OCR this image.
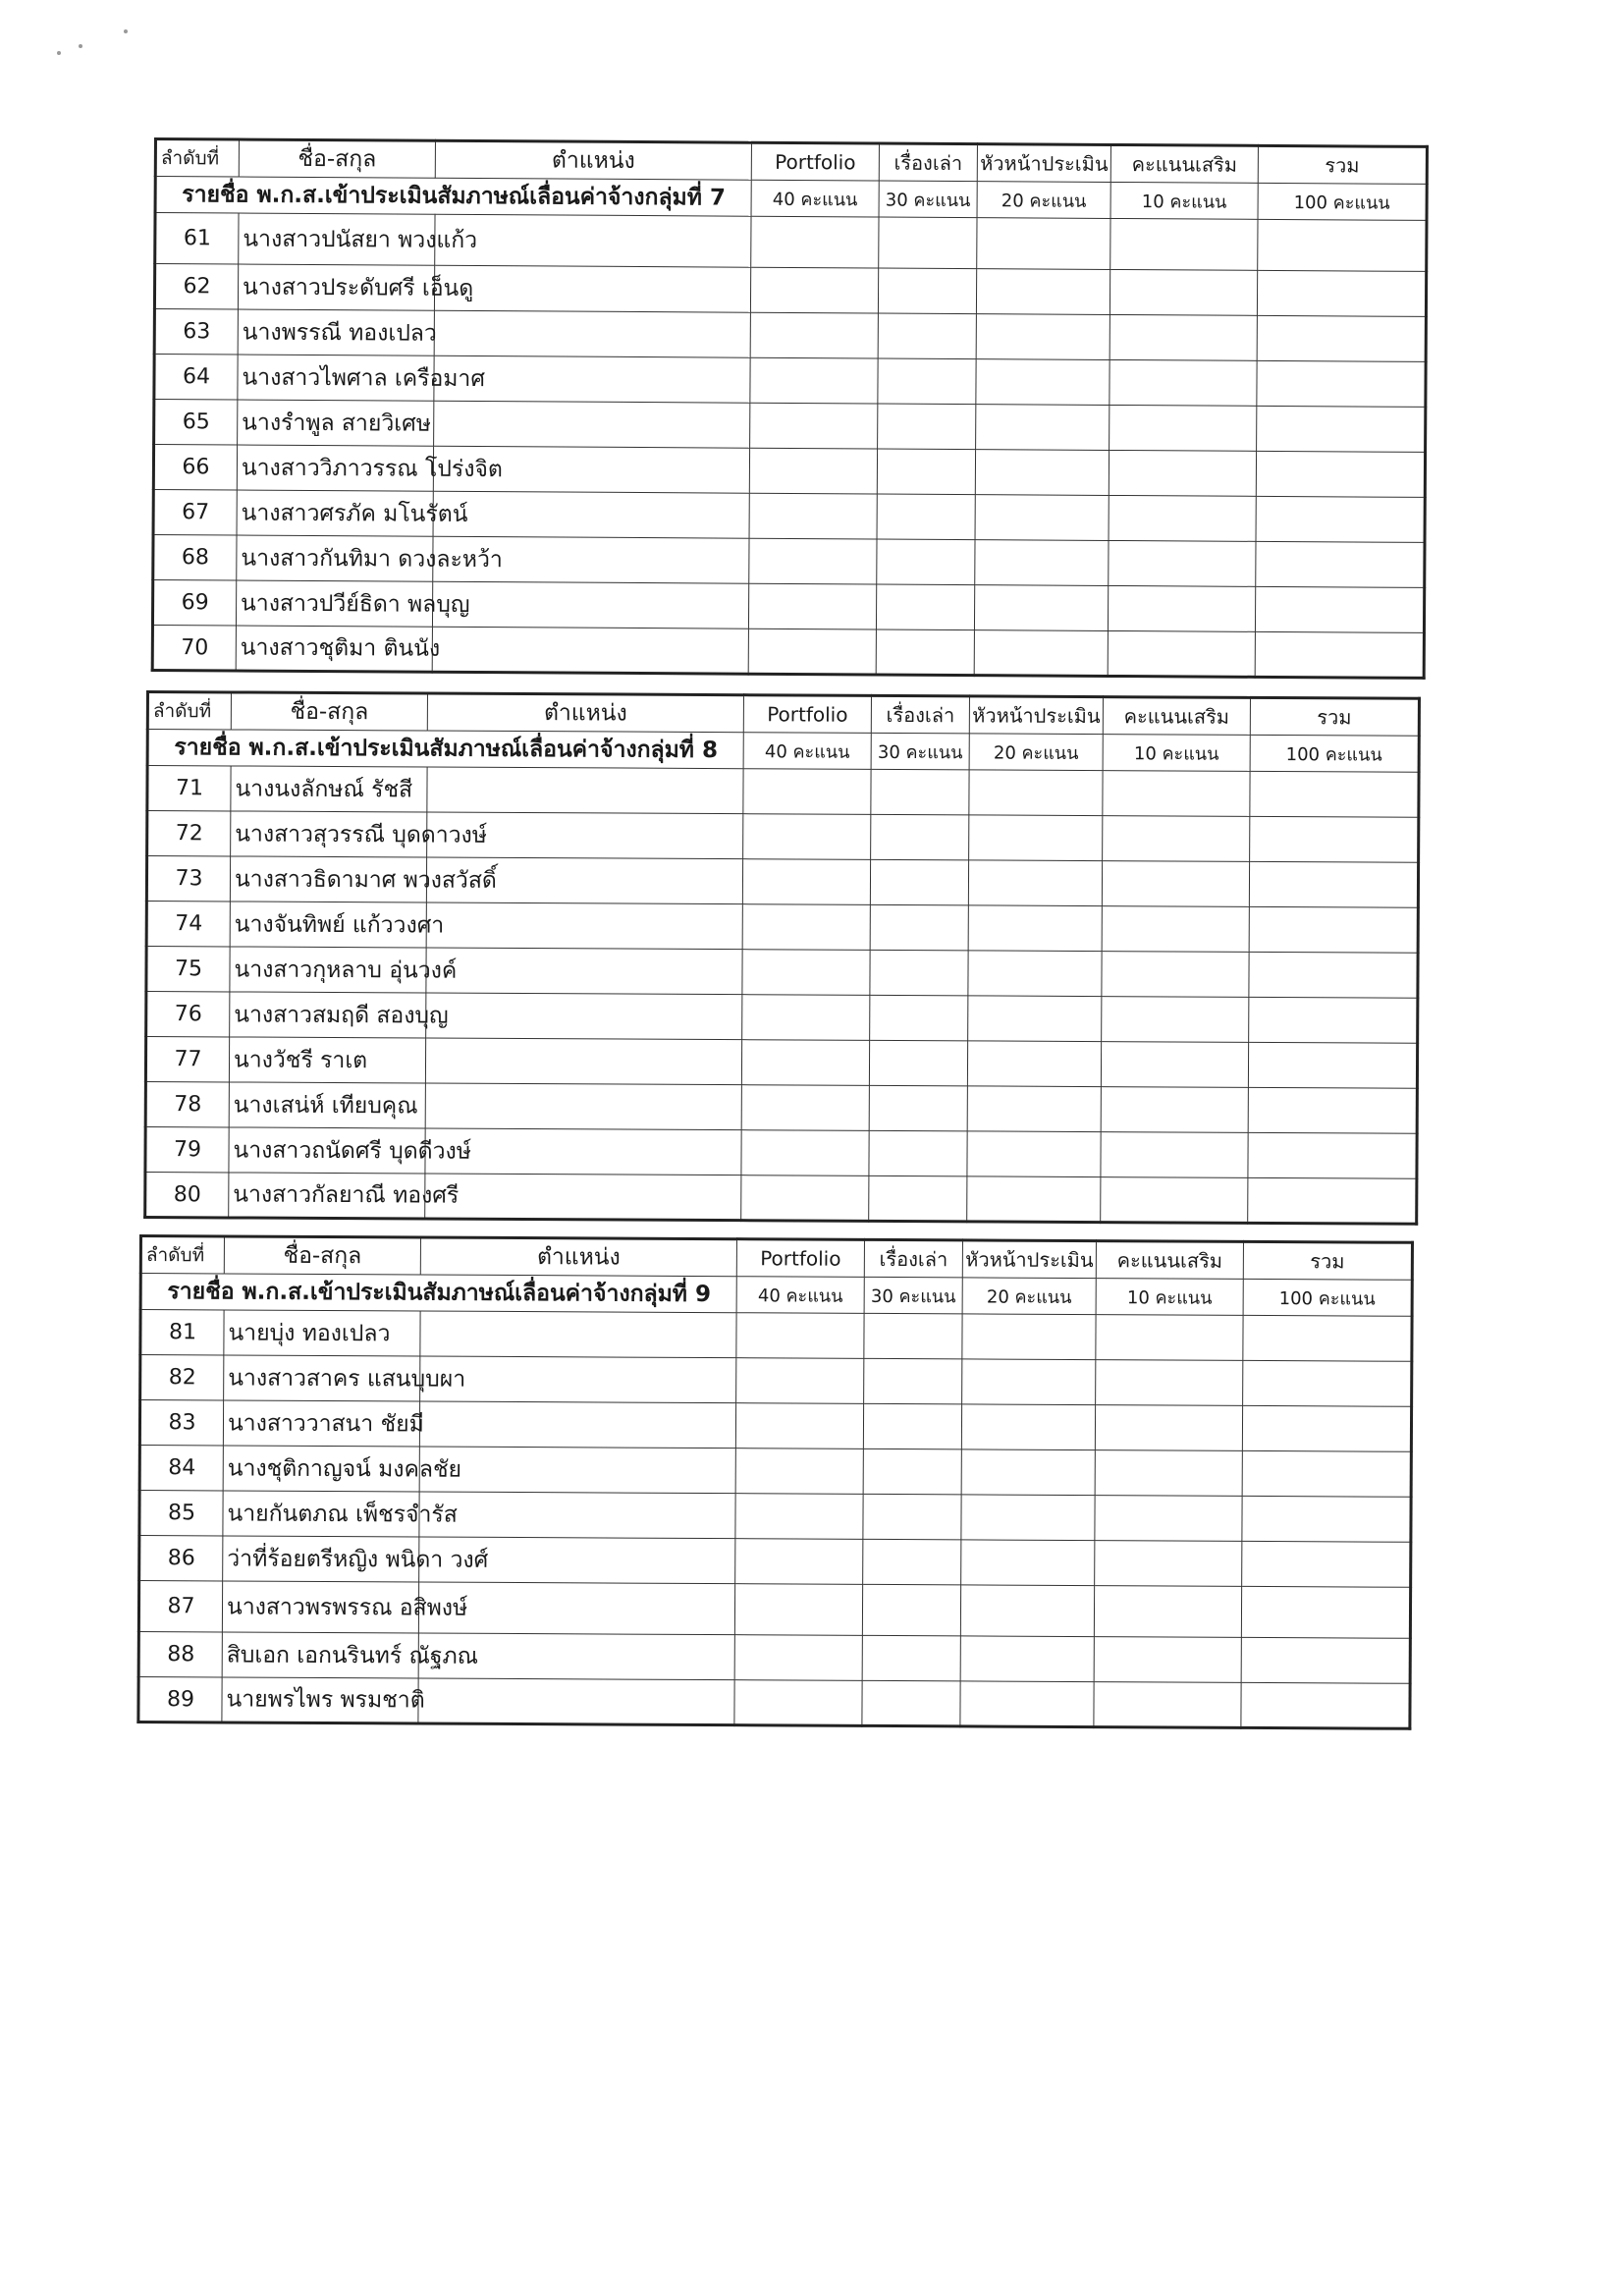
ลำดับที่	ชื่อ-สกุล	ตำแหน่ง	Portfolio	เรื่องเล่า	หัวหน้าประเมิน	คะแนนเสริม	รวม
รายชื่อ พ.ก.ส.เข้าประเมินสัมภาษณ์เลื่อนค่าจ้างกลุ่มที่ 7			40 คะแนน	30 คะแนน	20 คะแนน	10 คะแนน	100 คะแนน
61	นางสาวปนัสยา พวงแก้ว						
62	นางสาวประดับศรี เอ็นดู						
63	นางพรรณี ทองเปลว						
64	นางสาวไพศาล เครือมาศ						
65	นางรำพูล สายวิเศษ						
66	นางสาววิภาวรรณ โปร่งจิต						
67	นางสาวศรภัค มโนรัตน์						
68	นางสาวกันทิมา ดวงละหว้า						
69	นางสาวปวีย์ธิดา พลบุญ						
70	นางสาวชุติมา ตินนัง						
ลำดับที่	ชื่อ-สกุล	ตำแหน่ง	Portfolio	เรื่องเล่า	หัวหน้าประเมิน	คะแนนเสริม	รวม
รายชื่อ พ.ก.ส.เข้าประเมินสัมภาษณ์เลื่อนค่าจ้างกลุ่มที่ 8			40 คะแนน	30 คะแนน	20 คะแนน	10 คะแนน	100 คะแนน
71	นางนงลักษณ์ รัชสี						
72	นางสาวสุวรรณี บุดดาวงษ์						
73	นางสาวธิดามาศ พวงสวัสดิ์						
74	นางจันทิพย์ แก้ววงศา						
75	นางสาวกุหลาบ อุ่นวงค์						
76	นางสาวสมฤดี สองบุญ						
77	นางวัชรี ราเต						
78	นางเสน่ห์ เทียบคุณ						
79	นางสาวถนัดศรี บุดดีวงษ์						
80	นางสาวกัลยาณี ทองศรี						
ลำดับที่	ชื่อ-สกุล	ตำแหน่ง	Portfolio	เรื่องเล่า	หัวหน้าประเมิน	คะแนนเสริม	รวม
รายชื่อ พ.ก.ส.เข้าประเมินสัมภาษณ์เลื่อนค่าจ้างกลุ่มที่ 9			40 คะแนน	30 คะแนน	20 คะแนน	10 คะแนน	100 คะแนน
81	นายบุ่ง ทองเปลว						
82	นางสาวสาคร แสนบุบผา						
83	นางสาววาสนา ชัยมี						
84	นางชุติกาญจน์ มงคลชัย						
85	นายกันตภณ เพ็ชรจำรัส						
86	ว่าที่ร้อยตรีหญิง พนิดา วงศ์						
87	นางสาวพรพรรณ อสิพงษ์						
88	สิบเอก เอกนรินทร์ ณัฐภณ						
89	นายพรไพร พรมชาติ						
